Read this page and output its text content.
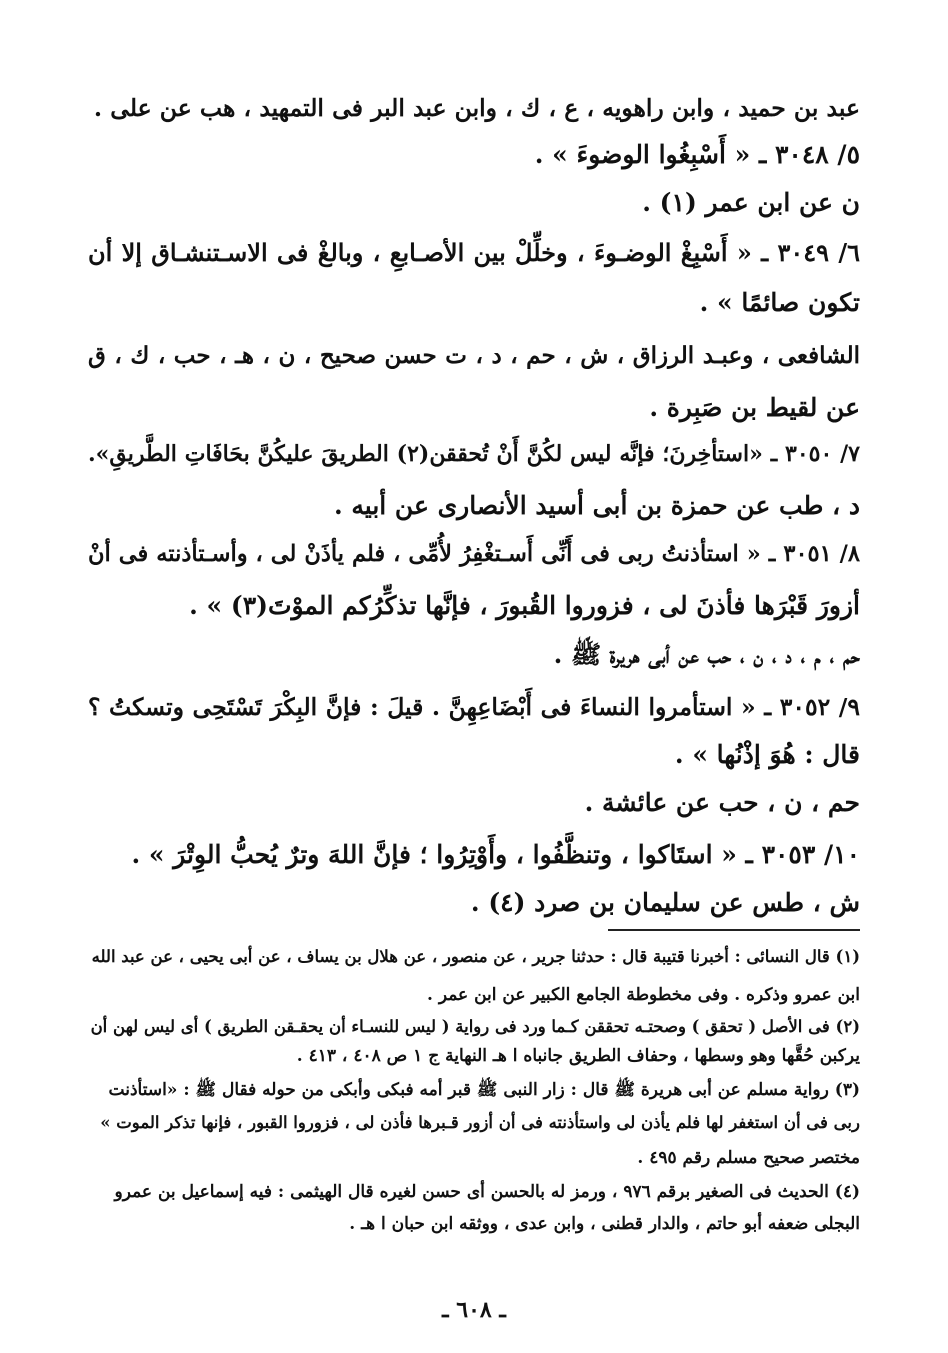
عبد بن حميد ، وابن راهويه ، ع ، ك ، وابن عبد البر فى التمهيد ، هب عن على .
٥/ ٣٠٤٨ ـ « أَسْبِغُوا الوضوءَ » .
ن عن ابن عمر (١) .
٦/ ٣٠٤٩ ـ « أَسْبِغْ الوضـوءَ ، وخلِّلْ بين الأصـابعِ ، وبالغْ فى الاسـتنشـاق إلا أن
تكون صائمًا » .
الشافعى ، وعبـد الرزاق ، ش ، حم ، د ، ت حسن صحيح ، ن ، هـ ، حب ، ك ، ق
عن لقيط بن صَبِرة .
٧/ ٣٠٥٠ ـ «استأخِرنَ؛ فإنَّه ليس لكُنَّ أَنْ تُحققن(٢) الطريقَ عليكُنَّ بحَافَاتِ الطَّريقِ».
د ، طب عن حمزة بن أبى أسيد الأنصارى عن أبيه .
٨/ ٣٠٥١ ـ « استأذنتُ ربى فى أَنِّى أَسـتغْفِرُ لأُمِّى ، فلم يأذَنْ لى ، وأسـتأذنته فى أنْ
أزورَ قَبْرَها فأذنَ لى ، فزوروا القُبورَ ، فإنَّها تذكِّرُكم الموْتَ(٣) » .
حم ، م ، د ، ن ، حب عن أبى هريرة ﷺ .
٩/ ٣٠٥٢ ـ « استأمروا النساءَ فى أَبْضَاعِهِنَّ . قيلَ : فإنَّ البِكْرَ تَسْتَحِى وتسكتُ ؟
قال : هُوَ إذْنُها » .
حم ، ن ، حب عن عائشة .
١٠/ ٣٠٥٣ ـ « استَاكوا ، وتنظَّفُوا ، وأَوْتِرُوا ؛ فإنَّ اللهَ وترٌ يُحبُّ الوِتْرَ » .
ش ، طس عن سليمان بن صرد (٤) .
(١) قال النسائى : أخبرنا قتيبة قال : حدثنا جرير ، عن منصور ، عن هلال بن يساف ، عن أبى يحيى ، عن عبد الله
ابن عمرو وذكره . وفى مخطوطة الجامع الكبير عن ابن عمر .
(٢) فى الأصل ( تحقق ) وصحتـه تحققن كـما ورد فى رواية ( ليس للنسـاء أن يحقـقن الطريق ) أى ليس لهن أن
يركبن حُقَّها وهو وسطها ، وحفاف الطريق جانباه ا هـ النهاية ج ١ ص ٤٠٨ ، ٤١٣ .
(٣) رواية مسلم عن أبى هريرة ﷺ قال : زار النبى ﷺ قبر أمه فبكى وأبكى من حوله فقال ﷺ : «استأذنت
ربى فى أن استغفر لها فلم يأذن لى واستأذنته فى أن أزور قـبرها فأذن لى ، فزوروا القبور ، فإنها تذكر الموت »
مختصر صحيح مسلم رقم ٤٩٥ .
(٤) الحديث فى الصغير برقم ٩٧٦ ، ورمز له بالحسن أى حسن لغيره قال الهيثمى : فيه إسماعيل بن عمرو
البجلى ضعفه أبو حاتم ، والدار قطنى ، وابن عدى ، ووثقه ابن حبان ا هـ .
ـ ٦٠٨ ـ
